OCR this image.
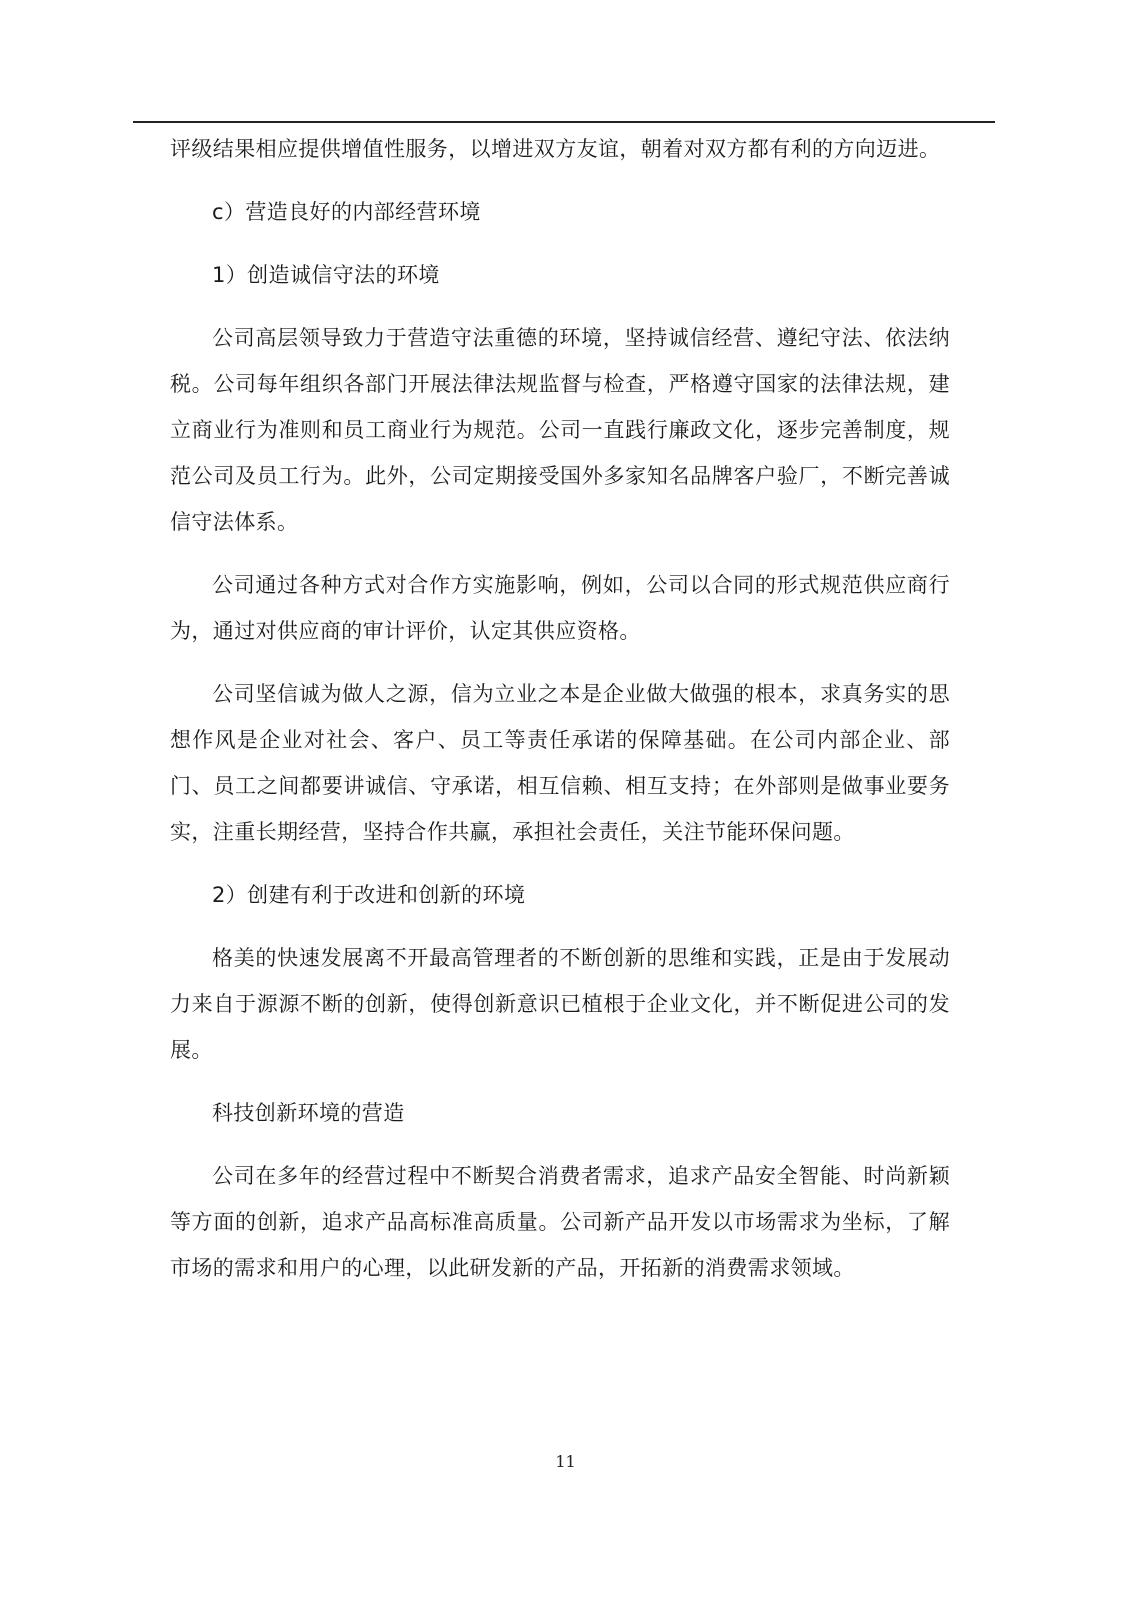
评级结果相应提供增值性服务，以增进双方友谊，朝着对双方都有利的方向迈进。

c）营造良好的内部经营环境

1）创造诚信守法的环境

公司高层领导致力于营造守法重德的环境，坚持诚信经营、遵纪守法、依法纳税。公司每年组织各部门开展法律法规监督与检查，严格遵守国家的法律法规，建立商业行为准则和员工商业行为规范。公司一直践行廉政文化，逐步完善制度，规范公司及员工行为。此外，公司定期接受国外多家知名品牌客户验厂，不断完善诚信守法体系。

公司通过各种方式对合作方实施影响，例如，公司以合同的形式规范供应商行为，通过对供应商的审计评价，认定其供应资格。

公司坚信诚为做人之源，信为立业之本是企业做大做强的根本，求真务实的思想作风是企业对社会、客户、员工等责任承诺的保障基础。在公司内部企业、部门、员工之间都要讲诚信、守承诺，相互信赖、相互支持；在外部则是做事业要务实，注重长期经营，坚持合作共赢，承担社会责任，关注节能环保问题。

2）创建有利于改进和创新的环境

格美的快速发展离不开最高管理者的不断创新的思维和实践，正是由于发展动力来自于源源不断的创新，使得创新意识已植根于企业文化，并不断促进公司的发展。

科技创新环境的营造

公司在多年的经营过程中不断契合消费者需求，追求产品安全智能、时尚新颖等方面的创新，追求产品高标准高质量。公司新产品开发以市场需求为坐标，了解市场的需求和用户的心理，以此研发新的产品，开拓新的消费需求领域。

11
